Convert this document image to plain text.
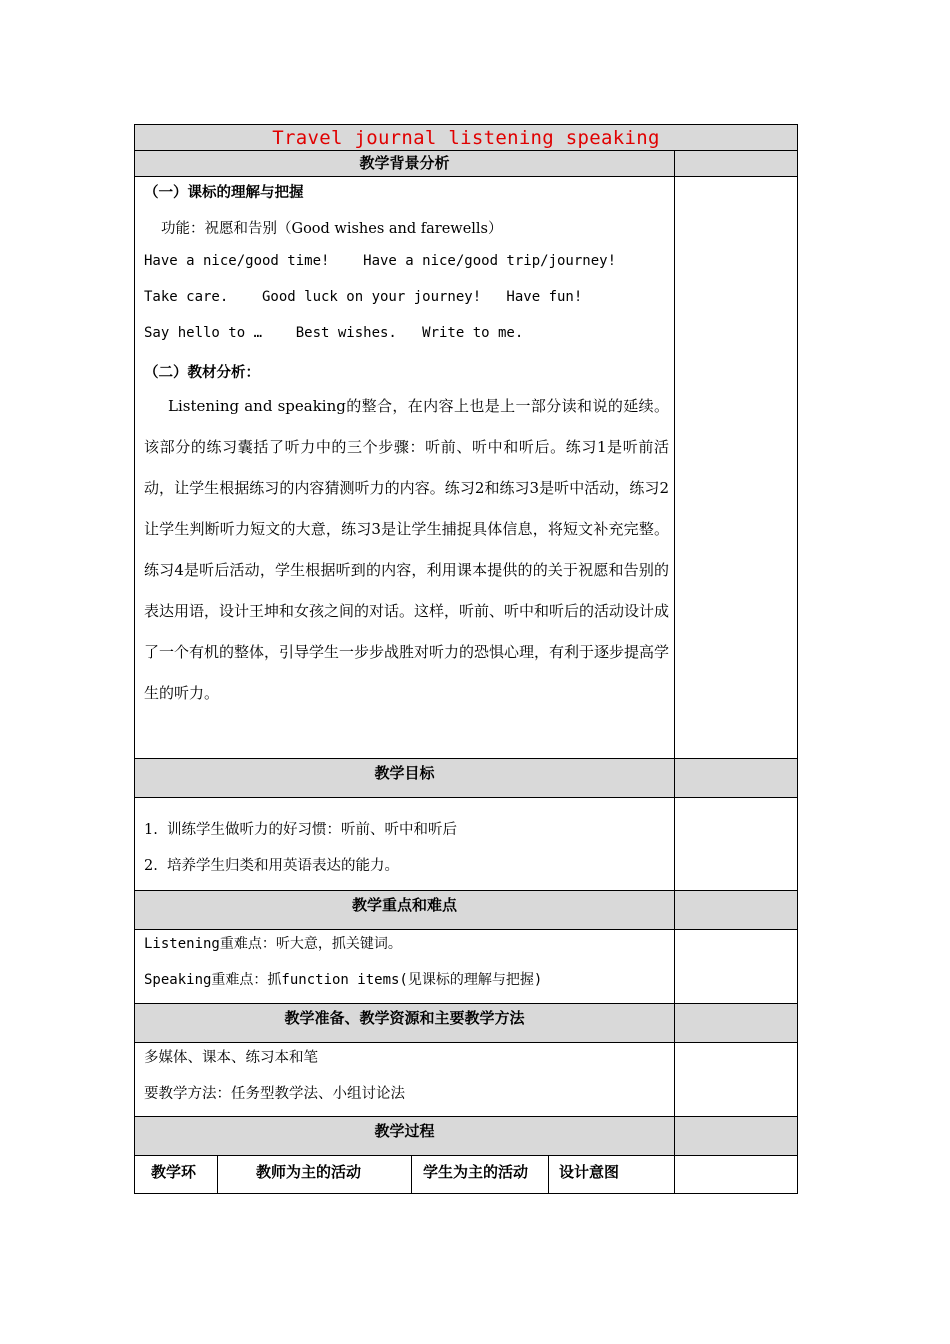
Travel journal listening speaking
教学背景分析
（一）课标的理解与把握
功能：祝愿和告别（Good wishes and farewells）
Have a nice/good time!    Have a nice/good trip/journey!
Take care.    Good luck on your journey!   Have fun!
Say hello to …    Best wishes.   Write to me.
（二）教材分析：
Listening and speaking的整合，在内容上也是上一部分读和说的延续。该部分的练习囊括了听力中的三个步骤：听前、听中和听后。练习1是听前活动，让学生根据练习的内容猜测听力的内容。练习2和练习3是听中活动，练习2 让学生判断听力短文的大意，练习3是让学生捕捉具体信息，将短文补充完整。练习4是听后活动，学生根据听到的内容，利用课本提供的的关于祝愿和告别的表达用语，设计王坤和女孩之间的对话。这样，听前、听中和听后的活动设计成了一个有机的整体，引导学生一步步战胜对听力的恐惧心理，有利于逐步提高学生的听力。
教学目标
1.  训练学生做听力的好习惯：听前、听中和听后
2.  培养学生归类和用英语表达的能力。
教学重点和难点
Listening重难点：听大意，抓关键词。
Speaking重难点：抓function items(见课标的理解与把握)
教学准备、教学资源和主要教学方法
多媒体、课本、练习本和笔
要教学方法：任务型教学法、小组讨论法
教学过程
教学环	教师为主的活动	学生为主的活动 设计意图
